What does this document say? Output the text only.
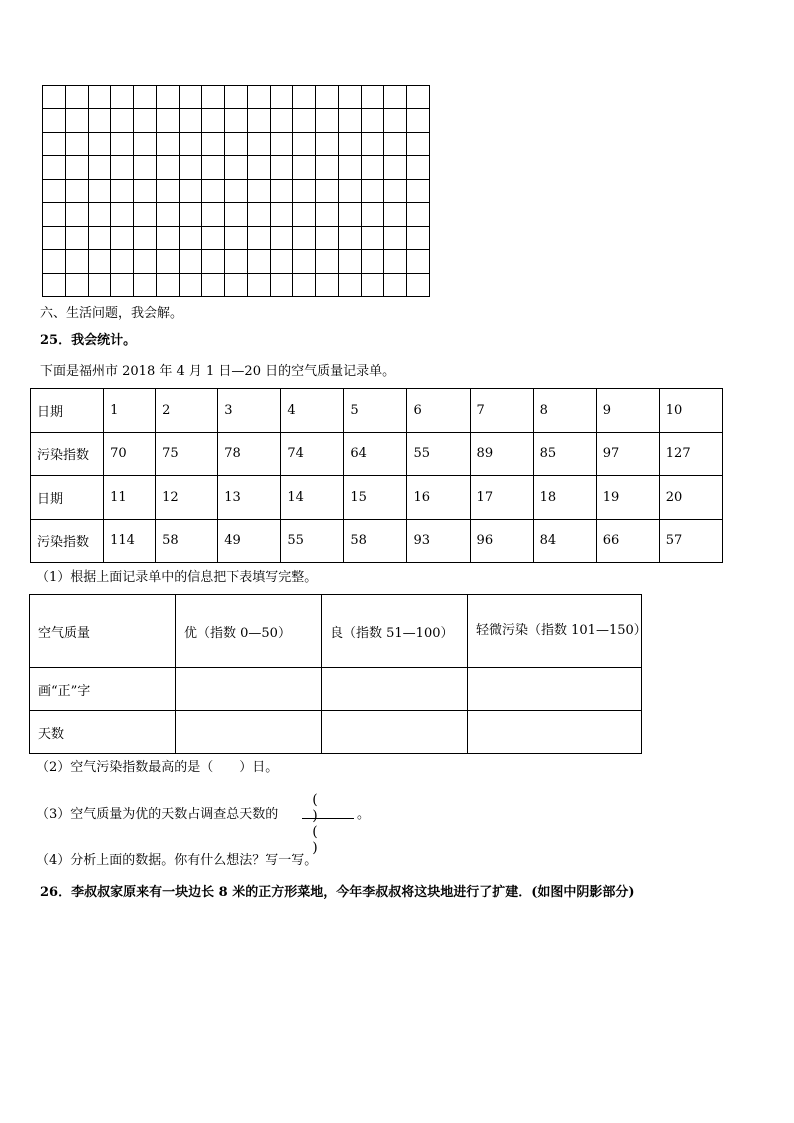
六、生活问题，我会解。
25．我会统计。
下面是福州市 2018 年 4 月 1 日—20 日的空气质量记录单。
日期	1	2	3	4	5	6	7	8	9	10
污染指数	70	75	78	74	64	55	89	85	97	127
日期	11	12	13	14	15	16	17	18	19	20
污染指数	114	58	49	55	58	93	96	84	66	57
（1）根据上面记录单中的信息把下表填写完整。
空气质量	优（指数 0—50）	良（指数 51—100）	轻微污染（指数 101—150）
画“正”字			
天数			
（2）空气污染指数最高的是（　　）日。
（3）空气质量为优的天数占调查总天数的
( )
( )
。
（4）分析上面的数据。你有什么想法？写一写。
26．李叔叔家原来有一块边长 8 米的正方形菜地，今年李叔叔将这块地进行了扩建．(如图中阴影部分)
